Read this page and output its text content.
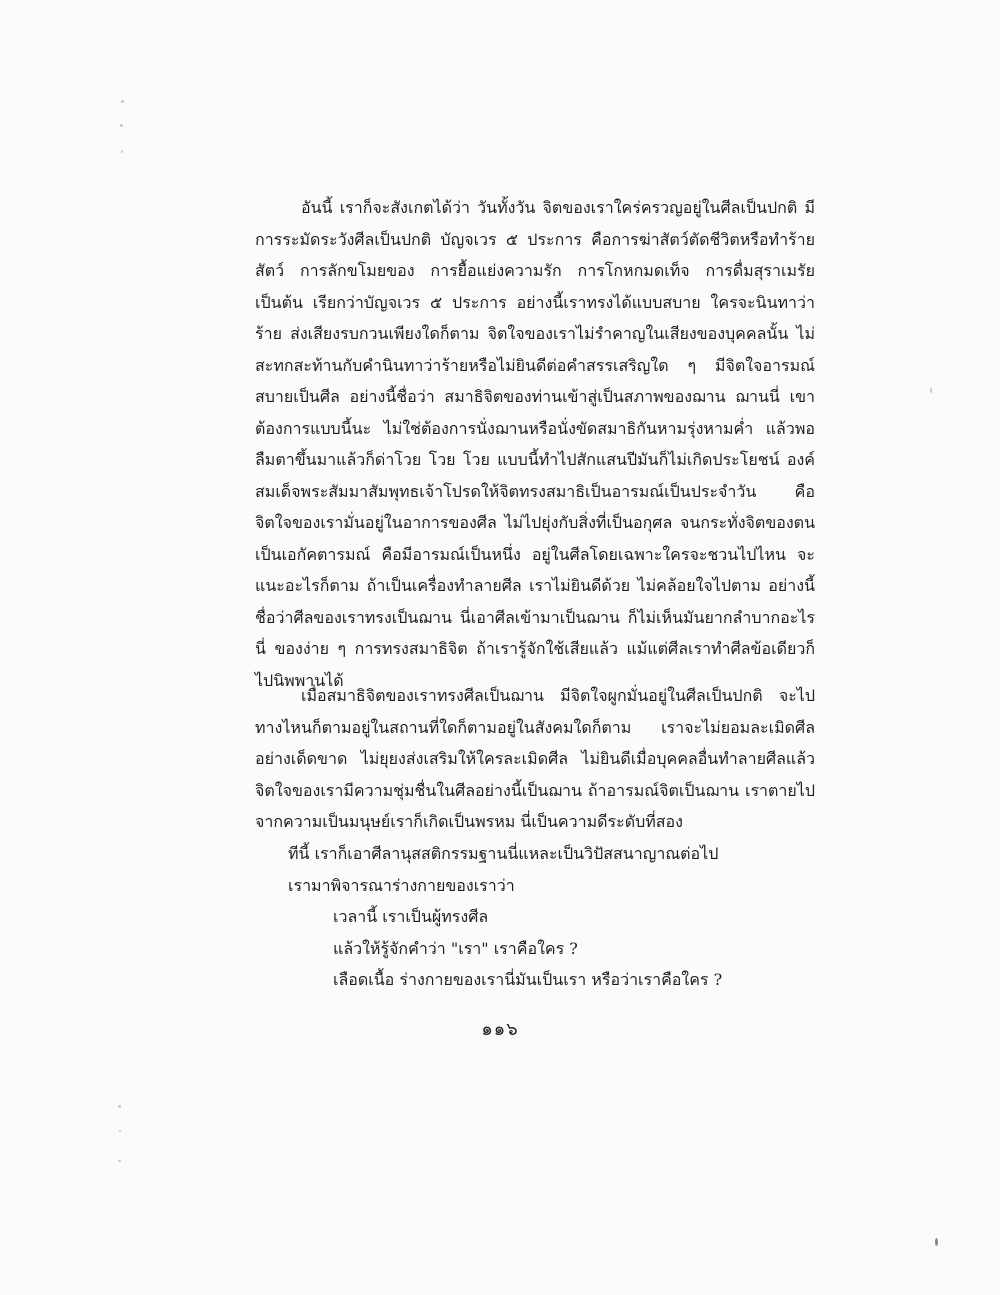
อันนี้ เราก็จะสังเกตได้ว่า วันทั้งวัน จิตของเราใคร่ครวญอยู่ในศีลเป็นปกติ มีการระมัดระวังศีลเป็นปกติ บัญจเวร ๕ ประการ คือการฆ่าสัตว์ตัดชีวิตหรือทำร้ายสัตว์ การลักขโมยของ การยื้อแย่งความรัก การโกหกมดเท็จ การดื่มสุราเมรัย เป็นต้น เรียกว่าบัญจเวร ๕ ประการ อย่างนี้เราทรงได้แบบสบาย ใครจะนินทาว่าร้าย ส่งเสียงรบกวนเพียงใดก็ตาม จิตใจของเราไม่รำคาญในเสียงของบุคคลนั้น ไม่สะทกสะท้านกับคำนินทาว่าร้ายหรือไม่ยินดีต่อคำสรรเสริญใด ๆ มีจิตใจอารมณ์สบายเป็นศีล อย่างนี้ชื่อว่า สมาธิจิตของท่านเข้าสู่เป็นสภาพของฌาน ฌานนี่ เขาต้องการแบบนี้นะ ไม่ใช่ต้องการนั่งฌานหรือนั่งขัดสมาธิกันหามรุ่งหามค่ำ แล้วพอลืมตาขึ้นมาแล้วก็ด่าโวย โวย โวย แบบนี้ทำไปสักแสนปีมันก็ไม่เกิดประโยชน์ องค์สมเด็จพระสัมมาสัมพุทธเจ้าโปรดให้จิตทรงสมาธิเป็นอารมณ์เป็นประจำวัน คือจิตใจของเรามั่นอยู่ในอาการของศีล ไม่ไปยุ่งกับสิ่งที่เป็นอกุศล จนกระทั่งจิตของตนเป็นเอกัคตารมณ์ คือมีอารมณ์เป็นหนึ่ง อยู่ในศีลโดยเฉพาะใครจะชวนไปไหน จะแนะอะไรก็ตาม ถ้าเป็นเครื่องทำลายศีล เราไม่ยินดีด้วย ไม่คล้อยใจไปตาม อย่างนี้ชื่อว่าศีลของเราทรงเป็นฌาน นี่เอาศีลเข้ามาเป็นฌาน ก็ไม่เห็นมันยากลำบากอะไรนี่ ของง่าย ๆ การทรงสมาธิจิต ถ้าเรารู้จักใช้เสียแล้ว แม้แต่ศีลเราทำศีลข้อเดียวก็ไปนิพพานได้

เมื่อสมาธิจิตของเราทรงศีลเป็นฌาน มีจิตใจผูกมั่นอยู่ในศีลเป็นปกติ จะไปทางไหนก็ตามอยู่ในสถานที่ใดก็ตามอยู่ในสังคมใดก็ตาม เราจะไม่ยอมละเมิดศีลอย่างเด็ดขาด ไม่ยุยงส่งเสริมให้ใครละเมิดศีล ไม่ยินดีเมื่อบุคคลอื่นทำลายศีลแล้ว จิตใจของเรามีความชุ่มชื่นในศีลอย่างนี้เป็นฌาน ถ้าอารมณ์จิตเป็นฌาน เราตายไปจากความเป็นมนุษย์เราก็เกิดเป็นพรหม นี่เป็นความดีระดับที่สอง

ทีนี้ เราก็เอาศีลานุสสติกรรมฐานนี่แหละเป็นวิปัสสนาญาณต่อไป

เรามาพิจารณาร่างกายของเราว่า

เวลานี้ เราเป็นผู้ทรงศีล

แล้วให้รู้จักคำว่า "เรา" เราคือใคร ?

เลือดเนื้อ ร่างกายของเรานี่มันเป็นเรา หรือว่าเราคือใคร ?

๑๑๖
